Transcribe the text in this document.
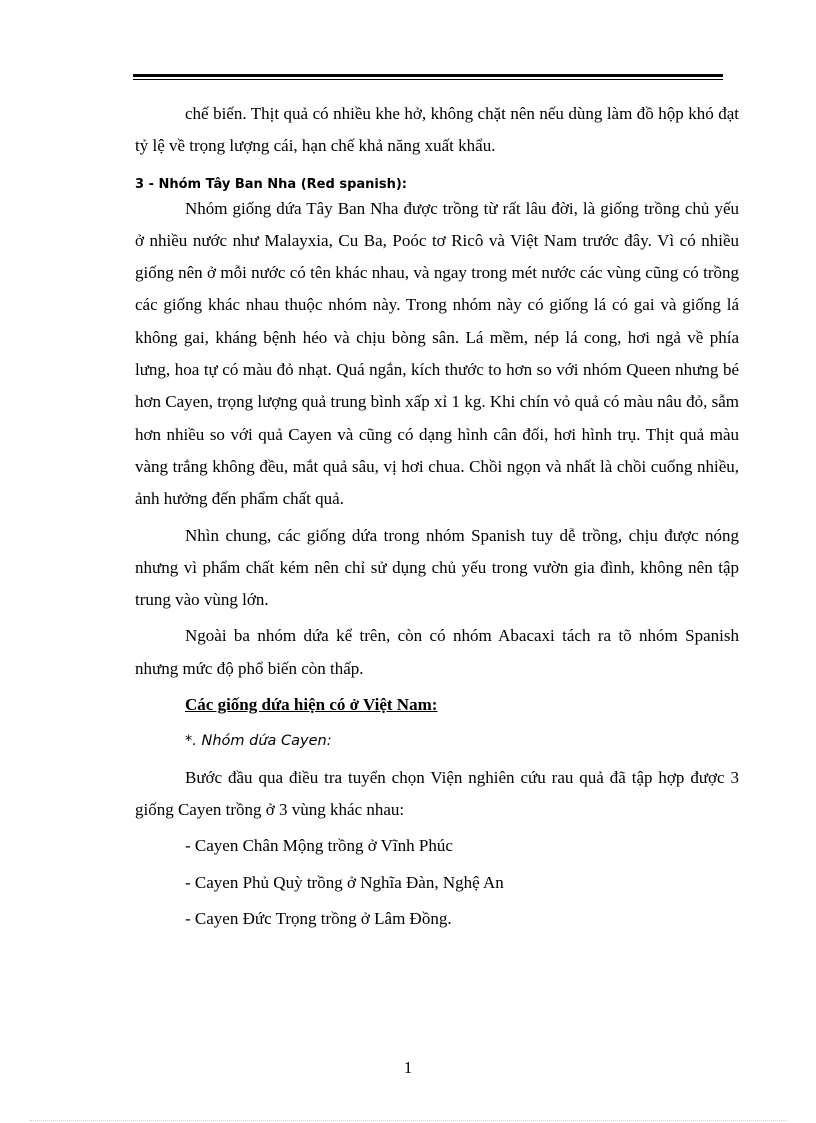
chế biến. Thịt quả có nhiều khe hở, không chặt nên nếu dùng làm đồ hộp khó đạt tỷ lệ về trọng lượng cái, hạn chế khả năng xuất khẩu.

3 - Nhóm Tây Ban Nha (Red spanish):

Nhóm giống dứa Tây Ban Nha được trồng từ rất lâu đời, là giống trồng chủ yếu ở nhiều nước như Malayxia, Cu Ba, Poóc tơ Ricô và Việt Nam trước đây. Vì có nhiều giống nên ở mỗi nước có tên khác nhau, và ngay trong mét nước các vùng cũng có trồng các giống khác nhau thuộc nhóm này. Trong nhóm này có giống lá có gai và giống lá không gai, kháng bệnh héo và chịu bòng sân. Lá mềm, nép lá cong, hơi ngả về phía lưng, hoa tự có màu đỏ nhạt. Quá ngắn, kích thước to hơn so với nhóm Queen nhưng bé hơn Cayen, trọng lượng quả trung bình xấp xỉ 1 kg. Khi chín vỏ quả có màu nâu đỏ, sẫm hơn nhiều so với quả Cayen và cũng có dạng hình cân đối, hơi hình trụ. Thịt quả màu vàng trắng không đều, mắt quả sâu, vị hơi chua. Chồi ngọn và nhất là chồi cuống nhiều, ảnh hưởng đến phẩm chất quả.

Nhìn chung, các giống dứa trong nhóm Spanish tuy dễ trồng, chịu được nóng nhưng vì phẩm chất kém nên chỉ sử dụng chủ yếu trong vườn gia đình, không nên tập trung vào vùng lớn.

Ngoài ba nhóm dứa kể trên, còn có nhóm Abacaxi tách ra tõ nhóm Spanish nhưng mức độ phổ biến còn thấp.

Các giống dứa hiện có ở Việt Nam:

*. Nhóm dứa Cayen:

Bước đầu qua điều tra tuyển chọn Viện nghiên cứu rau quả đã tập hợp được 3 giống Cayen trồng ở 3 vùng khác nhau:

- Cayen Chân Mộng trồng ở Vĩnh Phúc

- Cayen Phủ Quỳ trồng ở Nghĩa Đàn, Nghệ An

- Cayen Đức Trọng trồng ở Lâm Đồng.

1
